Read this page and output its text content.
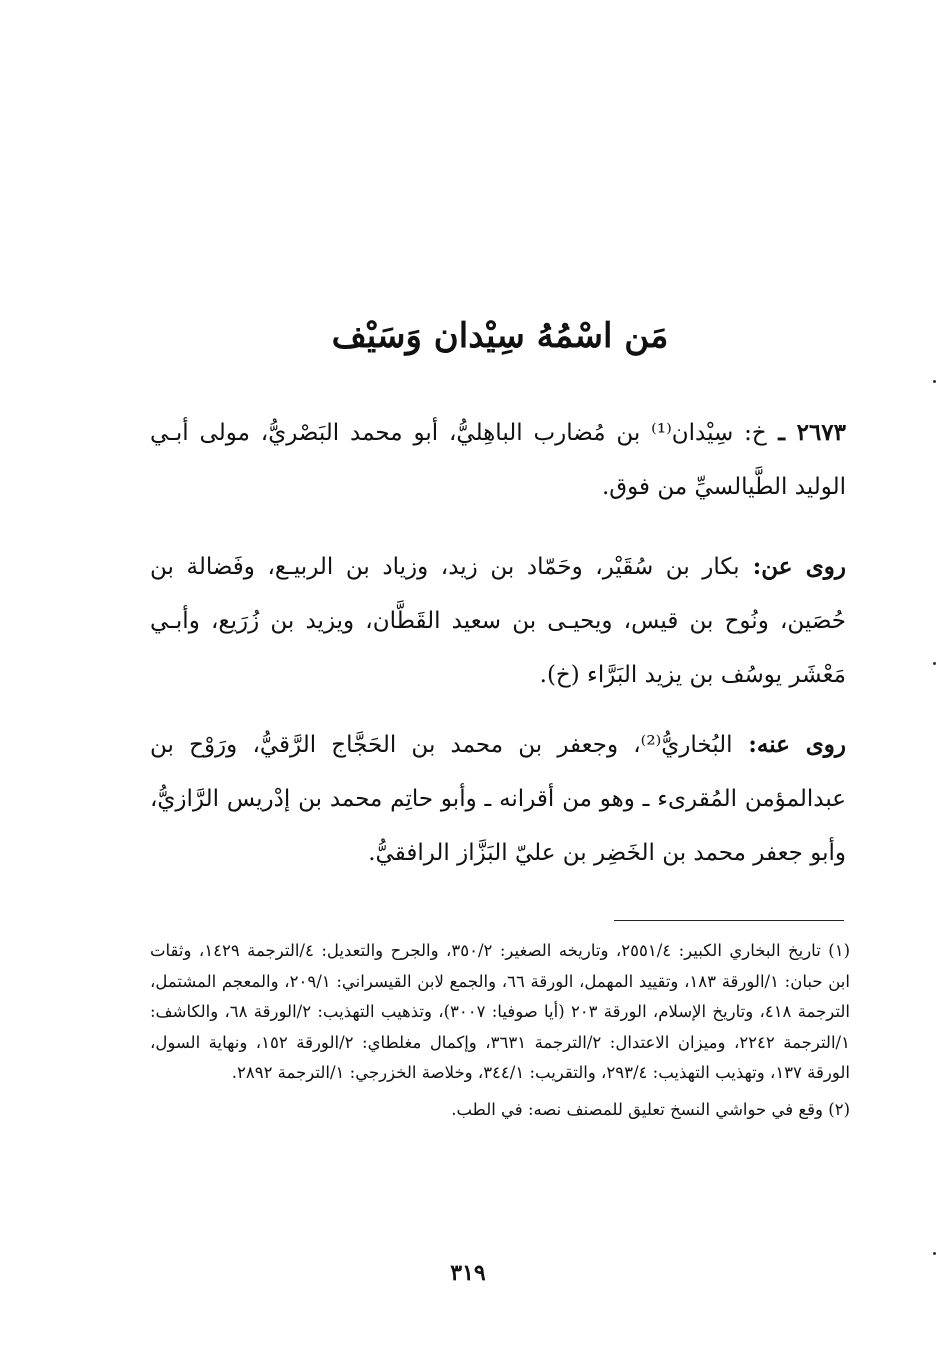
مَن اسْمُهُ سِيْدان وَسَيْف
٢٦٧٣ ـ خ: سِيْدان⁽¹⁾ بن مُضارب الباهِليُّ، أبو محمد البَصْريُّ، مولى أبـي الوليد الطَّيالسيِّ من فوق.
روى عن: بكار بن سُقَيْر، وحَمّاد بن زيد، وزياد بن الربيـع، وفَضالة بن حُصَين، ونُوح بن قيس، ويحيـى بن سعيد القَطَّان، ويزيد بن زُرَيع، وأبـي مَعْشَر يوسُف بن يزيد البَرَّاء (خ).
روى عنه: البُخاريُّ⁽²⁾، وجعفر بن محمد بن الحَجَّاج الرَّقيُّ، ورَوْح بن عبدالمؤمن المُقرىء ـ وهو من أقرانه ـ وأبو حاتِم محمد بن إدْريس الرَّازيُّ، وأبو جعفر محمد بن الخَضِر بن عليّ البَزَّاز الرافقيُّ.

(١) تاريخ البخاري الكبير: ٢٥٥١/٤، وتاريخه الصغير: ٣٥٠/٢، والجرح والتعديل: ٤/الترجمة ١٤٢٩، وثقات ابن حبان: ١/الورقة ١٨٣، وتقييد المهمل، الورقة ٦٦، والجمع لابن القيسراني: ٢٠٩/١، والمعجم المشتمل، الترجمة ٤١٨، وتاريخ الإسلام، الورقة ٢٠٣ (أيا صوفيا: ٣٠٠٧)، وتذهيب التهذيب: ٢/الورقة ٦٨، والكاشف: ١/الترجمة ٢٢٤٢، وميزان الاعتدال: ٢/الترجمة ٣٦٣١، وإكمال مغلطاي: ٢/الورقة ١٥٢، ونهاية السول، الورقة ١٣٧، وتهذيب التهذيب: ٢٩٣/٤، والتقريب: ٣٤٤/١، وخلاصة الخزرجي: ١/الترجمة ٢٨٩٢.

(٢) وقع في حواشي النسخ تعليق للمصنف نصه: في الطب.

٣١٩
